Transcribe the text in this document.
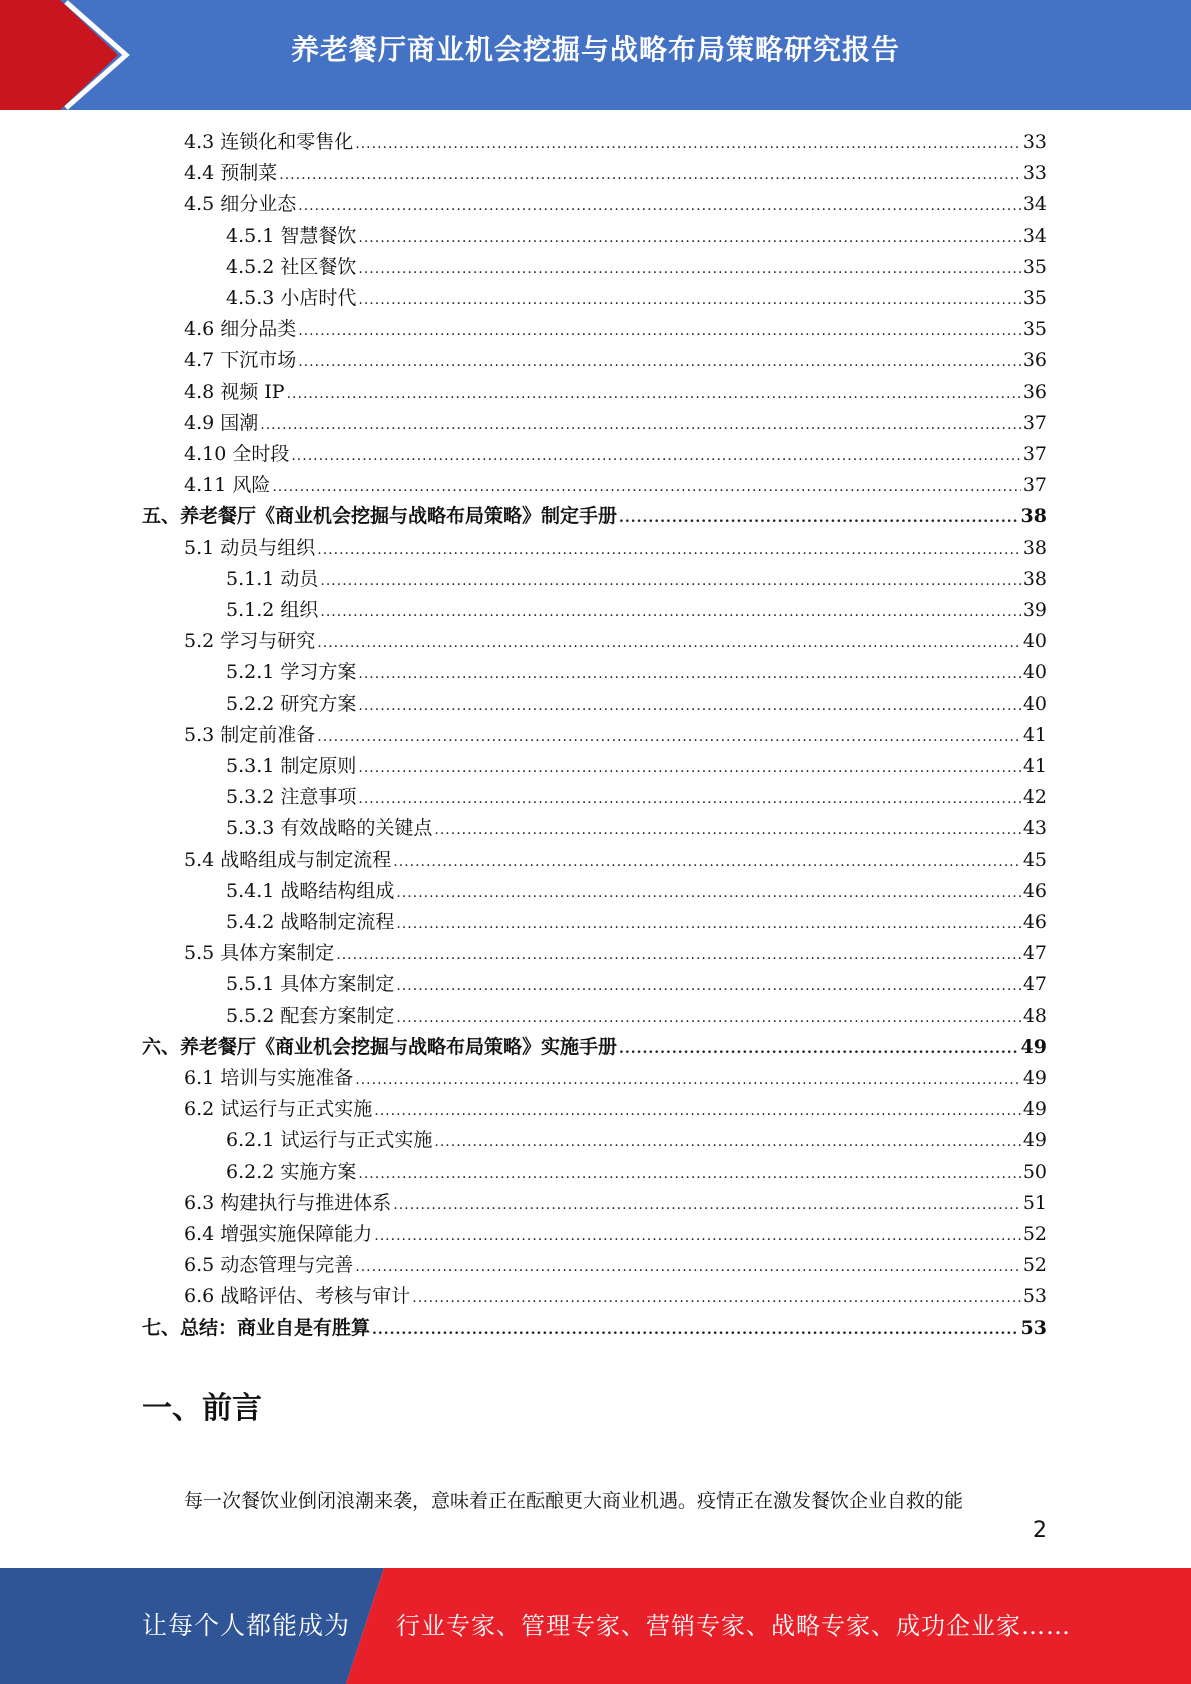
养老餐厅商业机会挖掘与战略布局策略研究报告
4.3 连锁化和零售化 .....	33
4.4 预制菜 .....	33
4.5 细分业态 .....	34
4.5.1 智慧餐饮 .....	34
4.5.2 社区餐饮 .....	35
4.5.3 小店时代 .....	35
4.6 细分品类 .....	35
4.7 下沉市场 .....	36
4.8 视频 IP .....	36
4.9 国潮 .....	37
4.10 全时段 .....	37
4.11 风险 .....	37
五、养老餐厅《商业机会挖掘与战略布局策略》制定手册 .....	38
5.1 动员与组织 .....	38
5.1.1 动员 .....	38
5.1.2 组织 .....	39
5.2 学习与研究 .....	40
5.2.1 学习方案 .....	40
5.2.2 研究方案 .....	40
5.3 制定前准备 .....	41
5.3.1 制定原则 .....	41
5.3.2 注意事项 .....	42
5.3.3 有效战略的关键点 .....	43
5.4 战略组成与制定流程 .....	45
5.4.1 战略结构组成 .....	46
5.4.2 战略制定流程 .....	46
5.5 具体方案制定 .....	47
5.5.1 具体方案制定 .....	47
5.5.2 配套方案制定 .....	48
六、养老餐厅《商业机会挖掘与战略布局策略》实施手册 .....	49
6.1 培训与实施准备 .....	49
6.2 试运行与正式实施 .....	49
6.2.1 试运行与正式实施 .....	49
6.2.2 实施方案 .....	50
6.3 构建执行与推进体系 .....	51
6.4 增强实施保障能力 .....	52
6.5 动态管理与完善 .....	52
6.6 战略评估、考核与审计 .....	53
七、总结：商业自是有胜算 .....	53
一、前言
每一次餐饮业倒闭浪潮来袭，意味着正在酝酿更大商业机遇。疫情正在激发餐饮企业自救的能
2
让每个人都能成为 行业专家、管理专家、营销专家、战略专家、成功企业家……
